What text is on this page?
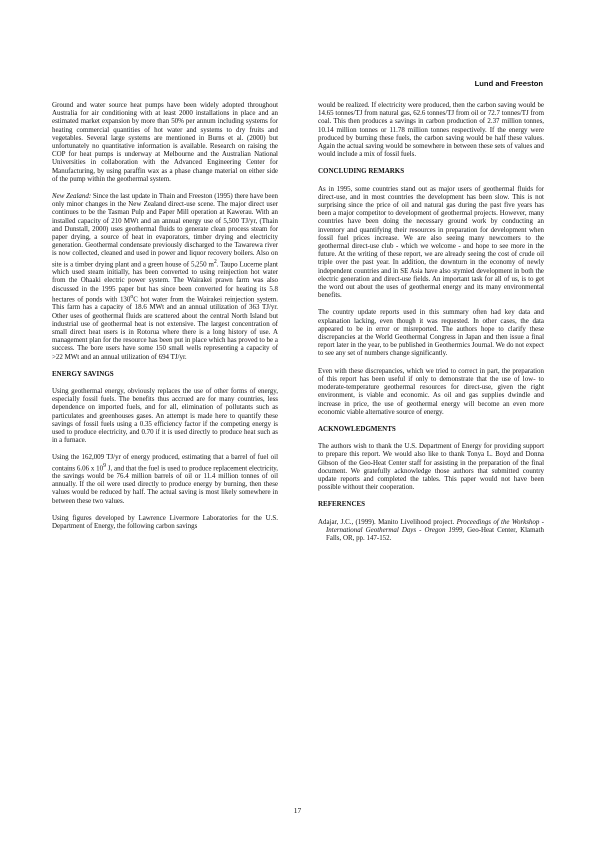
Lund and Freeston

Ground and water source heat pumps have been widely adopted throughout Australia for air conditioning with at least 2000 installations in place and an estimated market expansion by more than 50% per annum including systems for heating commercial quantities of hot water and systems to dry fruits and vegetables. Several large systems are mentioned in Burns et al. (2000) but unfortunately no quantitative information is available. Research on raising the COP for heat pumps is underway at Melbourne and the Australian National Universities in collaboration with the Advanced Engineering Center for Manufacturing, by using paraffin wax as a phase change material on either side of the pump within the geothermal system.

New Zealand: Since the last update in Thain and Freeston (1995) there have been only minor changes in the New Zealand direct-use scene. The major direct user continues to be the Tasman Pulp and Paper Mill operation at Kawerau. With an installed capacity of 210 MWt and an annual energy use of 5,500 TJ/yr, (Thain and Dunstall, 2000) uses geothermal fluids to generate clean process steam for paper drying, a source of heat in evaporators, timber drying and electricity generation. Geothermal condensate previously discharged to the Tawarewa river is now collected, cleaned and used in power and liquor recovery boilers. Also on site is a timber drying plant and a green house of 5,250 $m^2$. Taupo Lucerne plant which used steam initially, has been converted to using reinjection hot water from the Ohaaki electric power system. The Wairakei prawn farm was also discussed in the 1995 paper but has since been converted for heating its 5.8 hectares of ponds with 130$^o$C hot water from the Wairakei reinjection system. This farm has a capacity of 18.6 MWt and an annual utilization of 363 TJ/yr. Other uses of geothermal fluids are scattered about the central North Island but industrial use of geothermal heat is not extensive. The largest concentration of small direct heat users is in Rotorua where there is a long history of use. A management plan for the resource has been put in place which has proved to be a success. The bore users have some 150 small wells representing a capacity of >22 MWt and an annual utilization of 694 TJ/yr.

ENERGY SAVINGS

Using geothermal energy, obviously replaces the use of other forms of energy, especially fossil fuels. The benefits thus accrued are for many countries, less dependence on imported fuels, and for all, elimination of pollutants such as particulates and greenhouses gases. An attempt is made here to quantify these savings of fossil fuels using a 0.35 efficiency factor if the competing energy is used to produce electricity, and 0.70 if it is used directly to produce heat such as in a furnace.

Using the 162,009 TJ/yr of energy produced, estimating that a barrel of fuel oil contains 6.06 x $10^9$ J, and that the fuel is used to produce replacement electricity, the savings would be 76.4 million barrels of oil or 11.4 million tonnes of oil annually. If the oil were used directly to produce energy by burning, then these values would be reduced by half. The actual saving is most likely somewhere in between these two values.

Using figures developed by Lawrence Livermore Laboratories for the U.S. Department of Energy, the following carbon savings

would be realized. If electricity were produced, then the carbon saving would be 14.65 tonnes/TJ from natural gas, 62.6 tonnes/TJ from oil or 72.7 tonnes/TJ from coal. This then produces a savings in carbon production of 2.37 million tonnes, 10.14 million tonnes or 11.78 million tonnes respectively. If the energy were produced by burning these fuels, the carbon saving would be half these values. Again the actual saving would be somewhere in between these sets of values and would include a mix of fossil fuels.

CONCLUDING REMARKS

As in 1995, some countries stand out as major users of geothermal fluids for direct-use, and in most countries the development has been slow. This is not surprising since the price of oil and natural gas during the past five years has been a major competitor to development of geothermal projects. However, many countries have been doing the necessary ground work by conducting an inventory and quantifying their resources in preparation for development when fossil fuel prices increase. We are also seeing many newcomers to the geothermal direct-use club - which we welcome - and hope to see more in the future. At the writing of these report, we are already seeing the cost of crude oil triple over the past year. In addition, the downturn in the economy of newly independent countries and in SE Asia have also stymied development in both the electric generation and direct-use fields. An important task for all of us, is to get the word out about the uses of geothermal energy and its many environmental benefits.

The country update reports used in this summary often had key data and explanation lacking, even though it was requested. In other cases, the data appeared to be in error or misreported. The authors hope to clarify these discrepancies at the World Geothermal Congress in Japan and then issue a final report later in the year, to be published in Geothermics Journal. We do not expect to see any set of numbers change significantly.

Even with these discrepancies, which we tried to correct in part, the preparation of this report has been useful if only to demonstrate that the use of low- to moderate-temperature geothermal resources for direct-use, given the right environment, is viable and economic. As oil and gas supplies dwindle and increase in price, the use of geothermal energy will become an even more economic viable alternative source of energy.

ACKNOWLEDGMENTS

The authors wish to thank the U.S. Department of Energy for providing support to prepare this report. We would also like to thank Tonya L. Boyd and Donna Gibson of the Geo-Heat Center staff for assisting in the preparation of the final document. We gratefully acknowledge those authors that submitted country update reports and completed the tables. This paper would not have been possible without their cooperation.

REFERENCES

Adajar, J.C., (1999). Manito Livelihood project. Proceedings of the Workshop - International Geothermal Days - Oregon 1999, Geo-Heat Center, Klamath Falls, OR, pp. 147-152.

17
